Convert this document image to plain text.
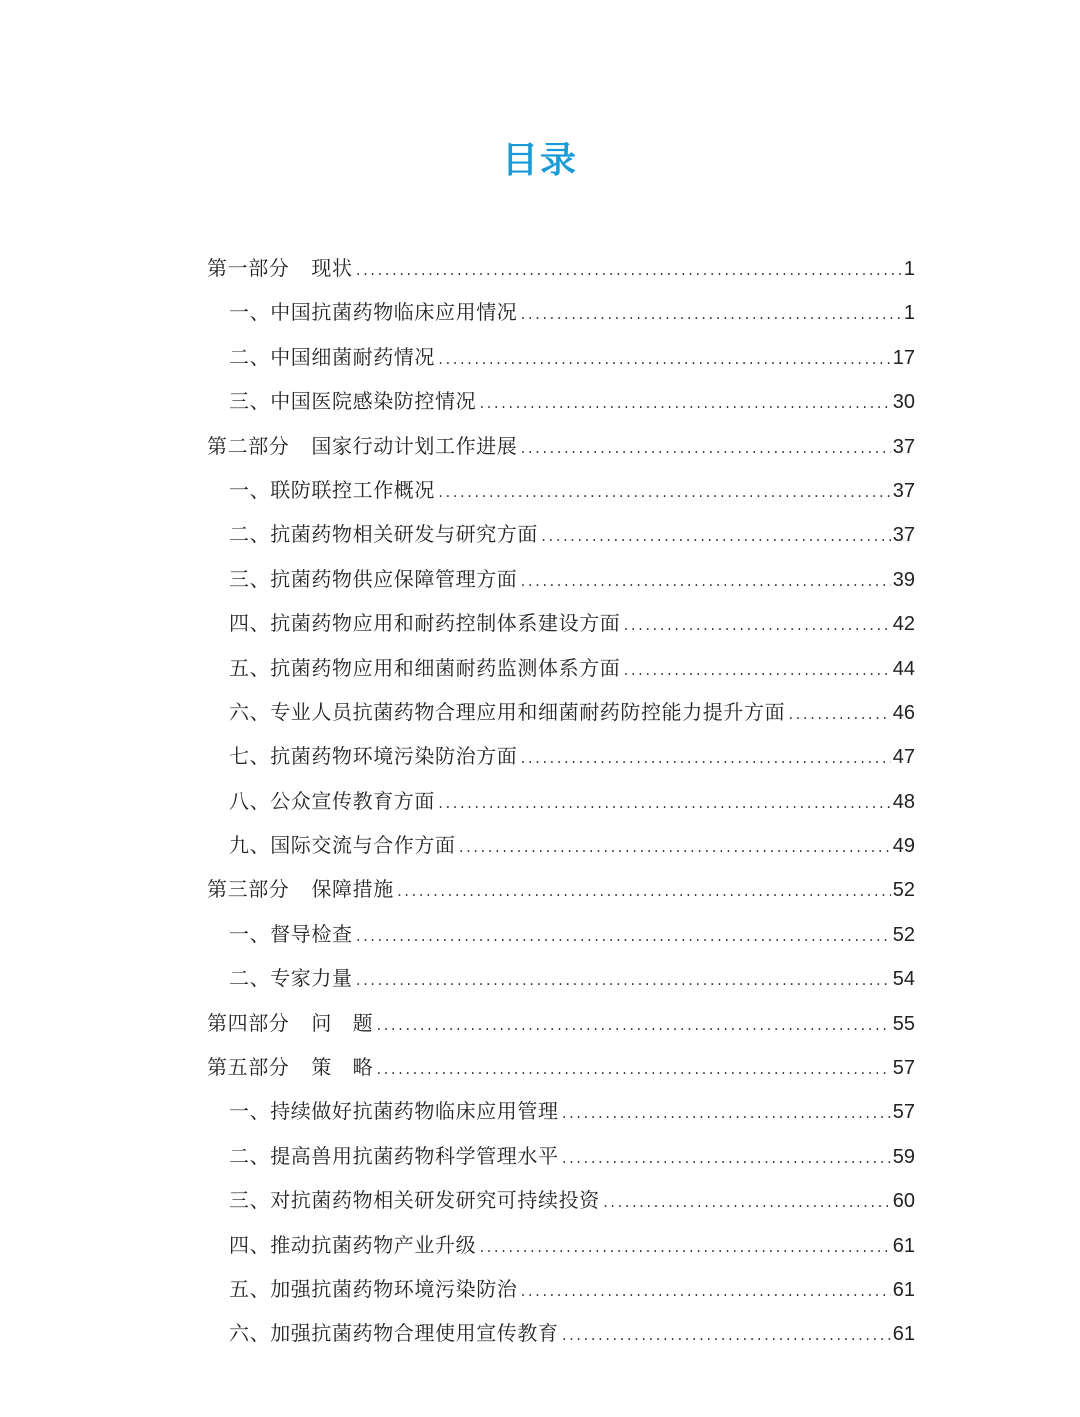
目录
第一部分 现状 .....	1
一、中国抗菌药物临床应用情况 .....	1
二、中国细菌耐药情况 .....	17
三、中国医院感染防控情况 .....	30
第二部分 国家行动计划工作进展 .....	37
一、联防联控工作概况 .....	37
二、抗菌药物相关研发与研究方面 .....	37
三、抗菌药物供应保障管理方面 .....	39
四、抗菌药物应用和耐药控制体系建设方面 .....	42
五、抗菌药物应用和细菌耐药监测体系方面 .....	44
六、专业人员抗菌药物合理应用和细菌耐药防控能力提升方面 .....	46
七、抗菌药物环境污染防治方面 .....	47
八、公众宣传教育方面 .....	48
九、国际交流与合作方面 .....	49
第三部分 保障措施 .....	52
一、督导检查 .....	52
二、专家力量 .....	54
第四部分 问　题 .....	55
第五部分 策　略 .....	57
一、持续做好抗菌药物临床应用管理 .....	57
二、提高兽用抗菌药物科学管理水平 .....	59
三、对抗菌药物相关研发研究可持续投资 .....	60
四、推动抗菌药物产业升级 .....	61
五、加强抗菌药物环境污染防治 .....	61
六、加强抗菌药物合理使用宣传教育 .....	61
